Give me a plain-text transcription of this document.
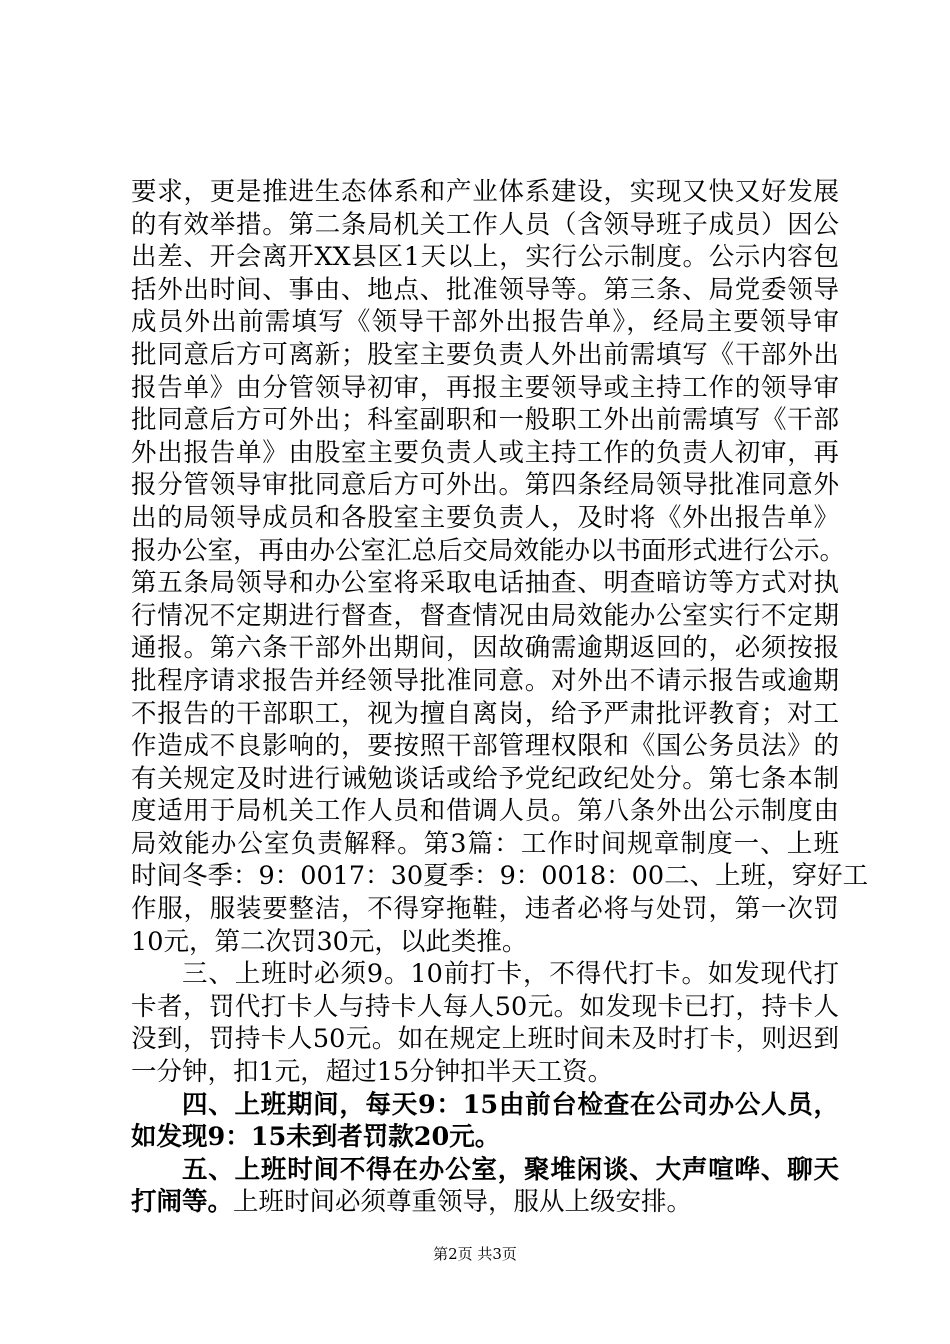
要求，更是推进生态体系和产业体系建设，实现又快又好发展
的有效举措。第二条局机关工作人员（含领导班子成员）因公
出差、开会离开XX县区1天以上，实行公示制度。公示内容包
括外出时间、事由、地点、批准领导等。第三条、局党委领导
成员外出前需填写《领导干部外出报告单》，经局主要领导审
批同意后方可离新；股室主要负责人外出前需填写《干部外出
报告单》由分管领导初审，再报主要领导或主持工作的领导审
批同意后方可外出；科室副职和一般职工外出前需填写《干部
外出报告单》由股室主要负责人或主持工作的负责人初审，再
报分管领导审批同意后方可外出。第四条经局领导批准同意外
出的局领导成员和各股室主要负责人，及时将《外出报告单》
报办公室，再由办公室汇总后交局效能办以书面形式进行公示。
第五条局领导和办公室将采取电话抽查、明查暗访等方式对执
行情况不定期进行督查，督查情况由局效能办公室实行不定期
通报。第六条干部外出期间，因故确需逾期返回的，必须按报
批程序请求报告并经领导批准同意。对外出不请示报告或逾期
不报告的干部职工，视为擅自离岗，给予严肃批评教育；对工
作造成不良影响的，要按照干部管理权限和《国公务员法》的
有关规定及时进行诫勉谈话或给予党纪政纪处分。第七条本制
度适用于局机关工作人员和借调人员。第八条外出公示制度由
局效能办公室负责解释。第3篇：工作时间规章制度一、上班
时间冬季：9：0017：30夏季：9：0018：00二、上班，穿好工
作服，服装要整洁，不得穿拖鞋，违者必将与处罚，第一次罚
10元，第二次罚30元，以此类推。
三、上班时必须9。10前打卡，不得代打卡。如发现代打
卡者，罚代打卡人与持卡人每人50元。如发现卡已打，持卡人
没到，罚持卡人50元。如在规定上班时间未及时打卡，则迟到
一分钟，扣1元，超过15分钟扣半天工资。
四、上班期间，每天9：15由前台检查在公司办公人员，
如发现9：15未到者罚款20元。
五、上班时间不得在办公室，聚堆闲谈、大声喧哗、聊天
打闹等。上班时间必须尊重领导，服从上级安排。
第2页 共3页
